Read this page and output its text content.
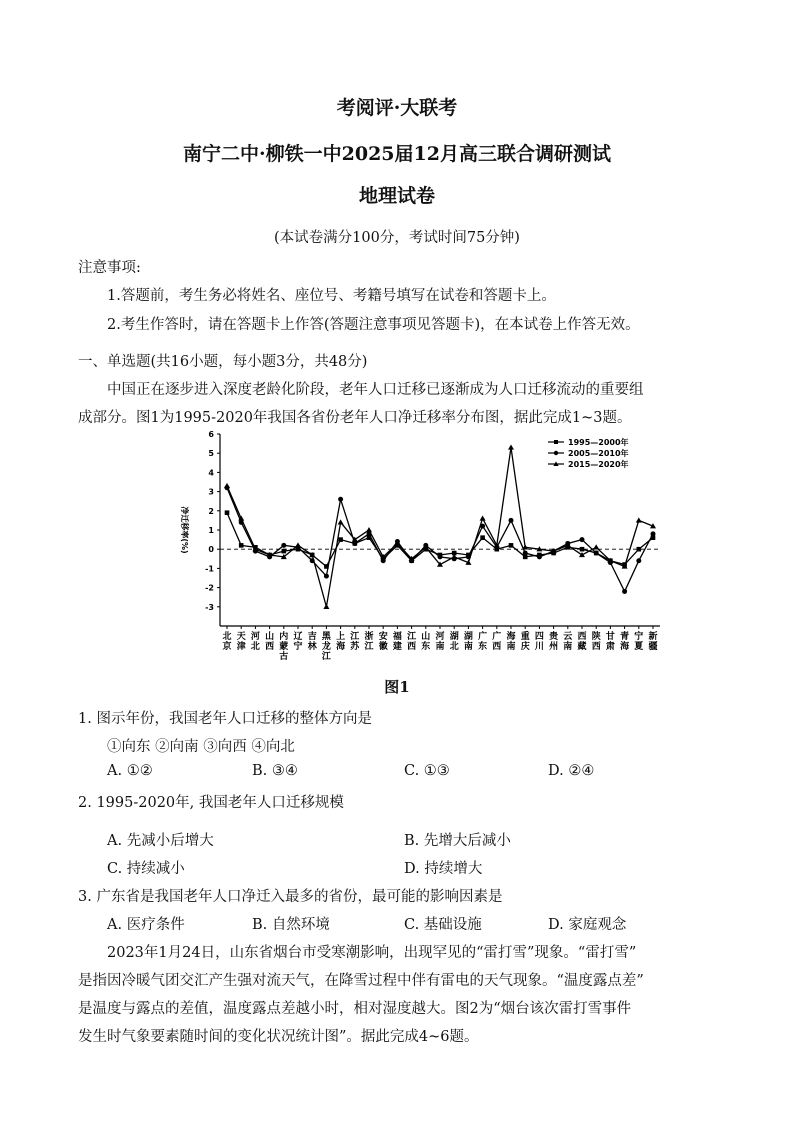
考阅评·大联考
南宁二中·柳铁一中2025届12月高三联合调研测试
地理试卷
(本试卷满分100分，考试时间75分钟)
注意事项:
1.答题前，考生务必将姓名、座位号、考籍号填写在试卷和答题卡上。
2.考生作答时，请在答题卡上作答(答题注意事项见答题卡)，在本试卷上作答无效。
一、单选题(共16小题，每小题3分，共48分)
中国正在逐步进入深度老龄化阶段，老年人口迁移已逐渐成为人口迁移流动的重要组
成部分。图1为1995-2020年我国各省份老年人口净迁移率分布图，据此完成1~3题。
-3
-2
-1
0
1
2
3
4
5
6
净迁移率(%)
北
京
天
津
河
北
山
西
内
蒙
古
辽
宁
吉
林
黑
龙
江
上
海
江
苏
浙
江
安
徽
福
建
江
西
山
东
河
南
湖
北
湖
南
广
东
广
西
海
南
重
庆
四
川
贵
州
云
南
西
藏
陕
西
甘
肃
青
海
宁
夏
新
疆
1995—2000年
2005—2010年
2015—2020年
图1
1. 图示年份，我国老年人口迁移的整体方向是
①向东 ②向南 ③向西 ④向北
A. ①②	B. ③④	C. ①③	D. ②④
2. 1995-2020年, 我国老年人口迁移规模
A. 先减小后增大	B. 先增大后减小
C. 持续减小	D. 持续增大
3. 广东省是我国老年人口净迁入最多的省份，最可能的影响因素是
A. 医疗条件	B. 自然环境	C. 基础设施	D. 家庭观念
2023年1月24日，山东省烟台市受寒潮影响，出现罕见的“雷打雪”现象。“雷打雪”
是指因冷暖气团交汇产生强对流天气，在降雪过程中伴有雷电的天气现象。“温度露点差”
是温度与露点的差值，温度露点差越小时，相对湿度越大。图2为“烟台该次雷打雪事件
发生时气象要素随时间的变化状况统计图”。据此完成4~6题。
